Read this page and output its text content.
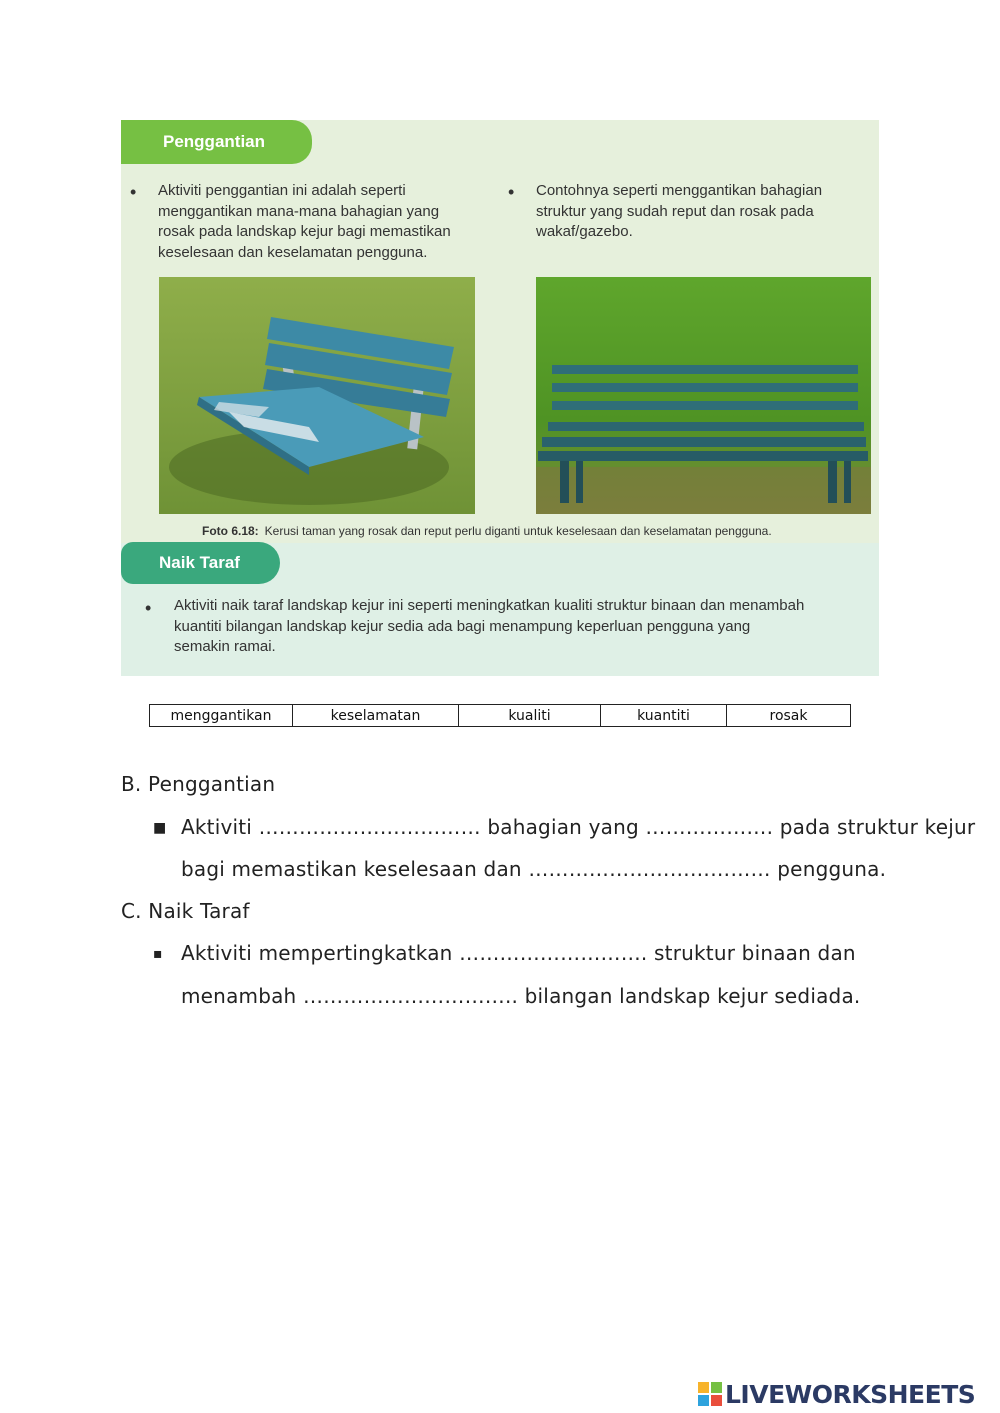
Penggantian
• Aktiviti penggantian ini adalah seperti
menggantikan mana-mana bahagian yang
rosak pada landskap kejur bagi memastikan
keselesaan dan keselamatan pengguna.
• Contohnya seperti menggantikan bahagian
struktur yang sudah reput dan rosak pada
wakaf/gazebo.
Foto 6.18: Kerusi taman yang rosak dan reput perlu diganti untuk keselesaan dan keselamatan pengguna.
Naik Taraf
• Aktiviti naik taraf landskap kejur ini seperti meningkatkan kualiti struktur binaan dan menambah
kuantiti bilangan landskap kejur sedia ada bagi menampung keperluan pengguna yang
semakin ramai.
menggantikan	keselamatan	kualiti	kuantiti	rosak
B. Penggantian
■ Aktiviti …………………………… bahagian yang ………………. pada struktur kejur
bagi memastikan keselesaan dan ……………………………… pengguna.
C. Naik Taraf
▪ Aktiviti mempertingkatkan ………………………. struktur binaan dan
menambah ………………………….. bilangan landskap kejur sediada.
LIVEWORKSHEETS
